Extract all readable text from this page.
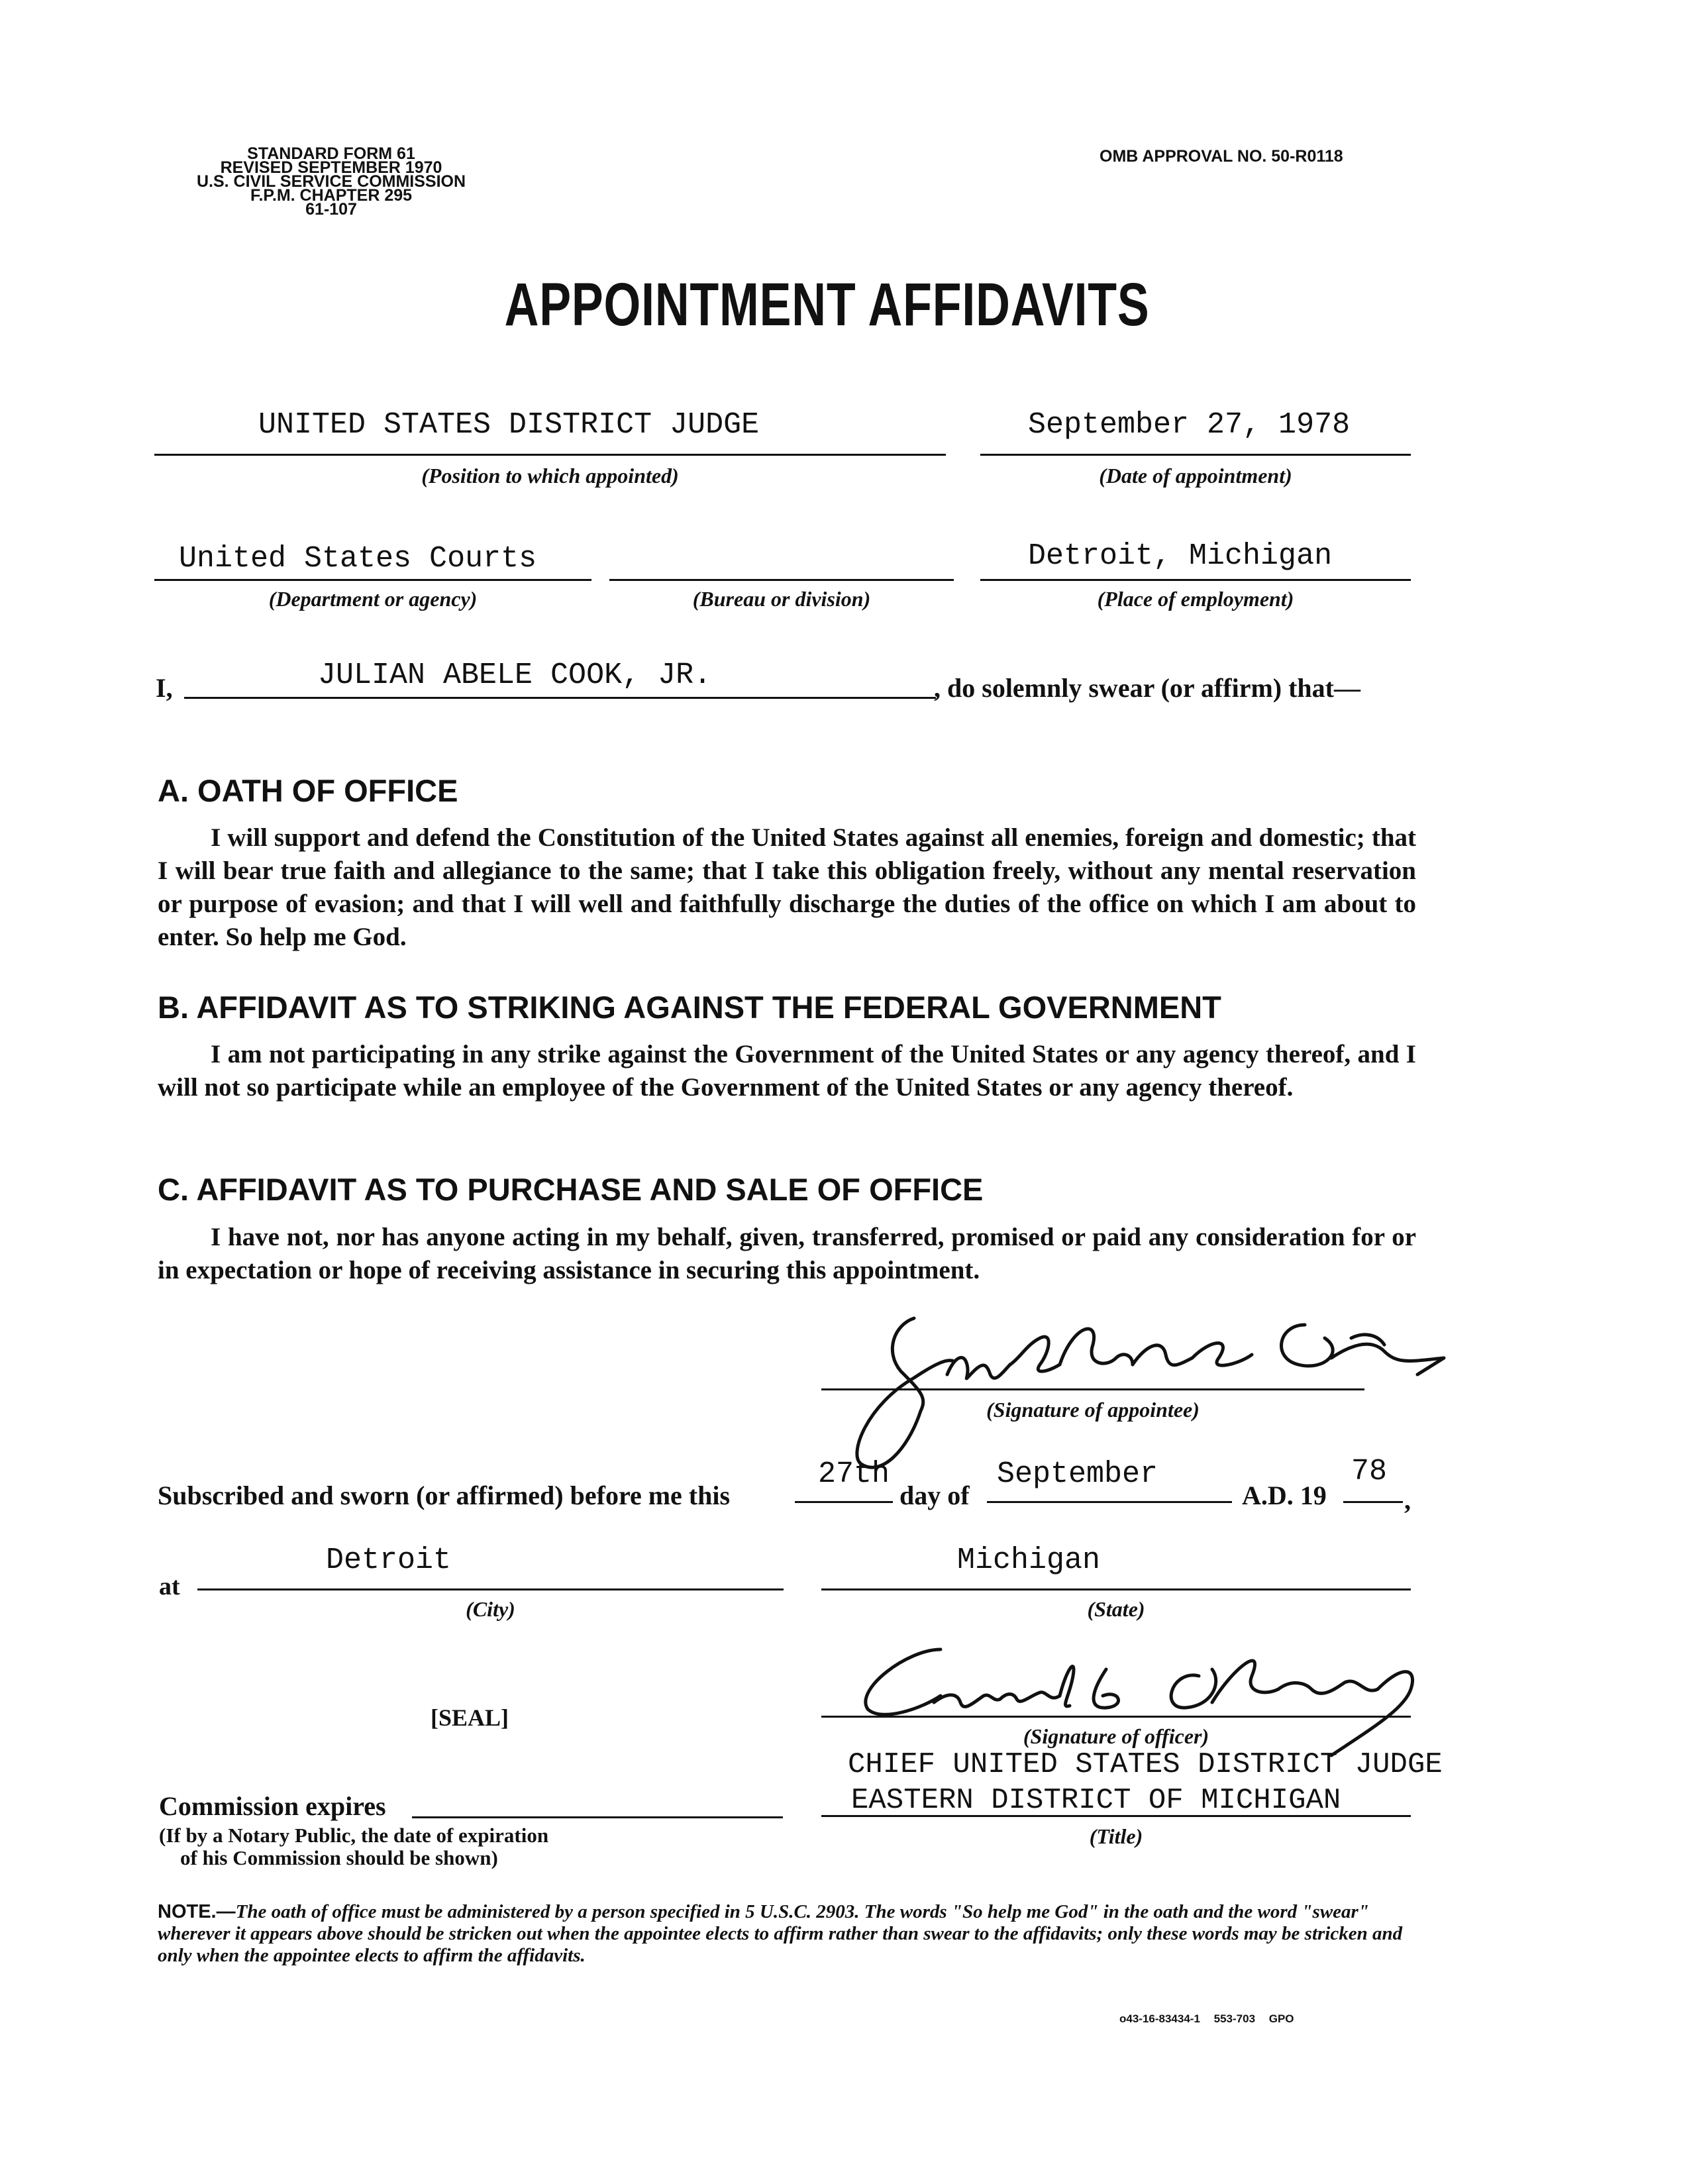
STANDARD FORM 61
REVISED SEPTEMBER 1970
U.S. CIVIL SERVICE COMMISSION
F.P.M. CHAPTER 295
61-107
OMB APPROVAL NO. 50-R0118
APPOINTMENT AFFIDAVITS
UNITED STATES DISTRICT JUDGE
(Position to which appointed)
September 27, 1978
(Date of appointment)
United States Courts
(Department or agency)	(Bureau or division)
Detroit, Michigan
(Place of employment)
I,	JULIAN ABELE COOK, JR.	, do solemnly swear (or affirm) that—
A. OATH OF OFFICE
I will support and defend the Constitution of the United States against all enemies, foreign and domestic; that I will bear true faith and allegiance to the same; that I take this obligation freely, without any mental reservation or purpose of evasion; and that I will well and faithfully discharge the duties of the office on which I am about to enter. So help me God.
B. AFFIDAVIT AS TO STRIKING AGAINST THE FEDERAL GOVERNMENT
I am not participating in any strike against the Government of the United States or any agency thereof, and I will not so participate while an employee of the Government of the United States or any agency thereof.
C. AFFIDAVIT AS TO PURCHASE AND SALE OF OFFICE
I have not, nor has anyone acting in my behalf, given, transferred, promised or paid any consideration for or in expectation or hope of receiving assistance in securing this appointment.
(Signature of appointee)
Subscribed and sworn (or affirmed) before me this
27th
day of
September
A.D. 19
78
,
at
Detroit
(City)
Michigan
(State)
[SEAL]
(Signature of officer)
CHIEF UNITED STATES DISTRICT JUDGE
EASTERN DISTRICT OF MICHIGAN
(Title)
Commission expires
(If by a Notary Public, the date of expiration
of his Commission should be shown)
NOTE.—The oath of office must be administered by a person specified in 5 U.S.C. 2903. The words "So help me God" in the oath and the word "swear" wherever it appears above should be stricken out when the appointee elects to affirm rather than swear to the affidavits; only these words may be stricken and only when the appointee elects to affirm the affidavits.
o43-16-83434-1 553-703 GPO
